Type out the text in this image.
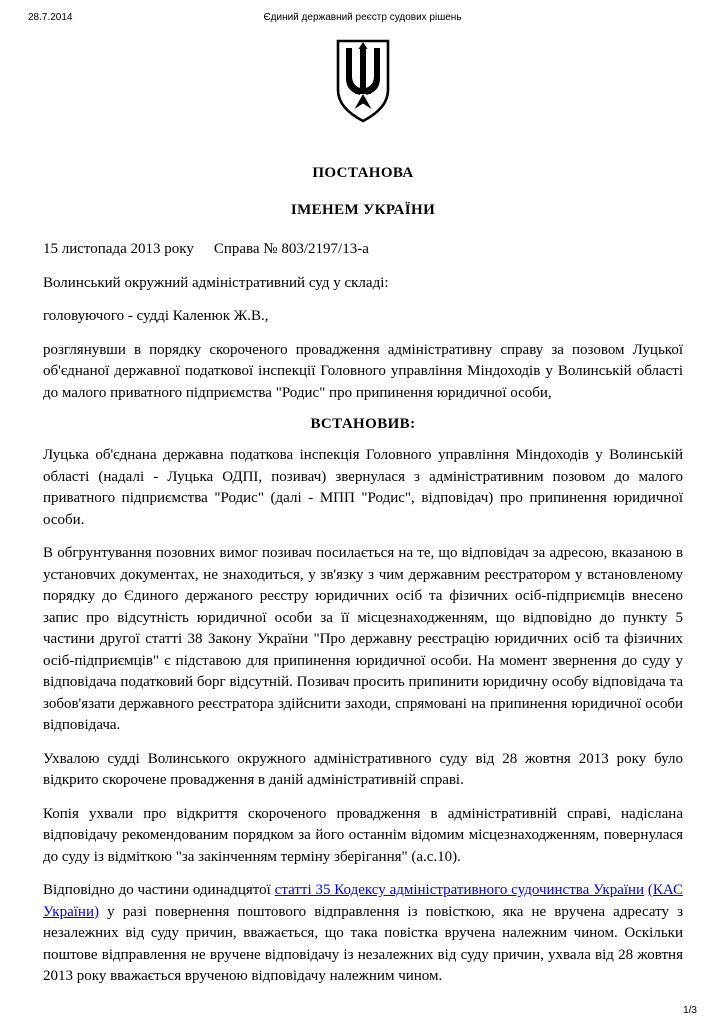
28.7.2014	Єдиний державний реєстр судових рішень
ПОСТАНОВА
ІМЕНЕМ УКРАЇНИ

15 листопада 2013 року Справа № 803/2197/13-а

Волинський окружний адміністративний суд у складі:

головуючого - судді Каленюк Ж.В.,

розглянувши в порядку скороченого провадження адміністративну справу за позовом Луцької об'єднаної державної податкової інспекції Головного управління Міндоходів у Волинській області до малого приватного підприємства "Родис" про припинення юридичної особи,

ВСТАНОВИВ:

Луцька об'єднана державна податкова інспекція Головного управління Міндоходів у Волинській області (надалі - Луцька ОДПІ, позивач) звернулася з адміністративним позовом до малого приватного підприємства "Родис" (далі - МПП "Родис", відповідач) про припинення юридичної особи.

В обгрунтування позовних вимог позивач посилається на те, що відповідач за адресою, вказаною в установчих документах, не знаходиться, у зв'язку з чим державним реєстратором у встановленому порядку до Єдиного держаного реєстру юридичних осіб та фізичних осіб-підприємців внесено запис про відсутність юридичної особи за її місцезнаходженням, що відповідно до пункту 5 частини другої статті 38 Закону України "Про державну реєстрацію юридичних осіб та фізичних осіб-підприємців" є підставою для припинення юридичної особи. На момент звернення до суду у відповідача податковий борг відсутній. Позивач просить припинити юридичну особу відповідача та зобов'язати державного реєстратора здійснити заходи, спрямовані на припинення юридичної особи відповідача.

Ухвалою судді Волинського окружного адміністративного суду від 28 жовтня 2013 року було відкрито скорочене провадження в даній адміністративній справі.

Копія ухвали про відкриття скороченого провадження в адміністративній справі, надіслана відповідачу рекомендованим порядком за його останнім відомим місцезнаходженням, повернулася до суду із відміткою "за закінченням терміну зберігання" (а.с.10).

Відповідно до частини одинадцятої статті 35 Кодексу адміністративного судочинства України (КАС України) у разі повернення поштового відправлення із повісткою, яка не вручена адресату з незалежних від суду причин, вважається, що така повістка вручена належним чином. Оскільки поштове відправлення не вручене відповідачу із незалежних від суду причин, ухвала від 28 жовтня 2013 року вважається врученою відповідачу належним чином.

1/3
